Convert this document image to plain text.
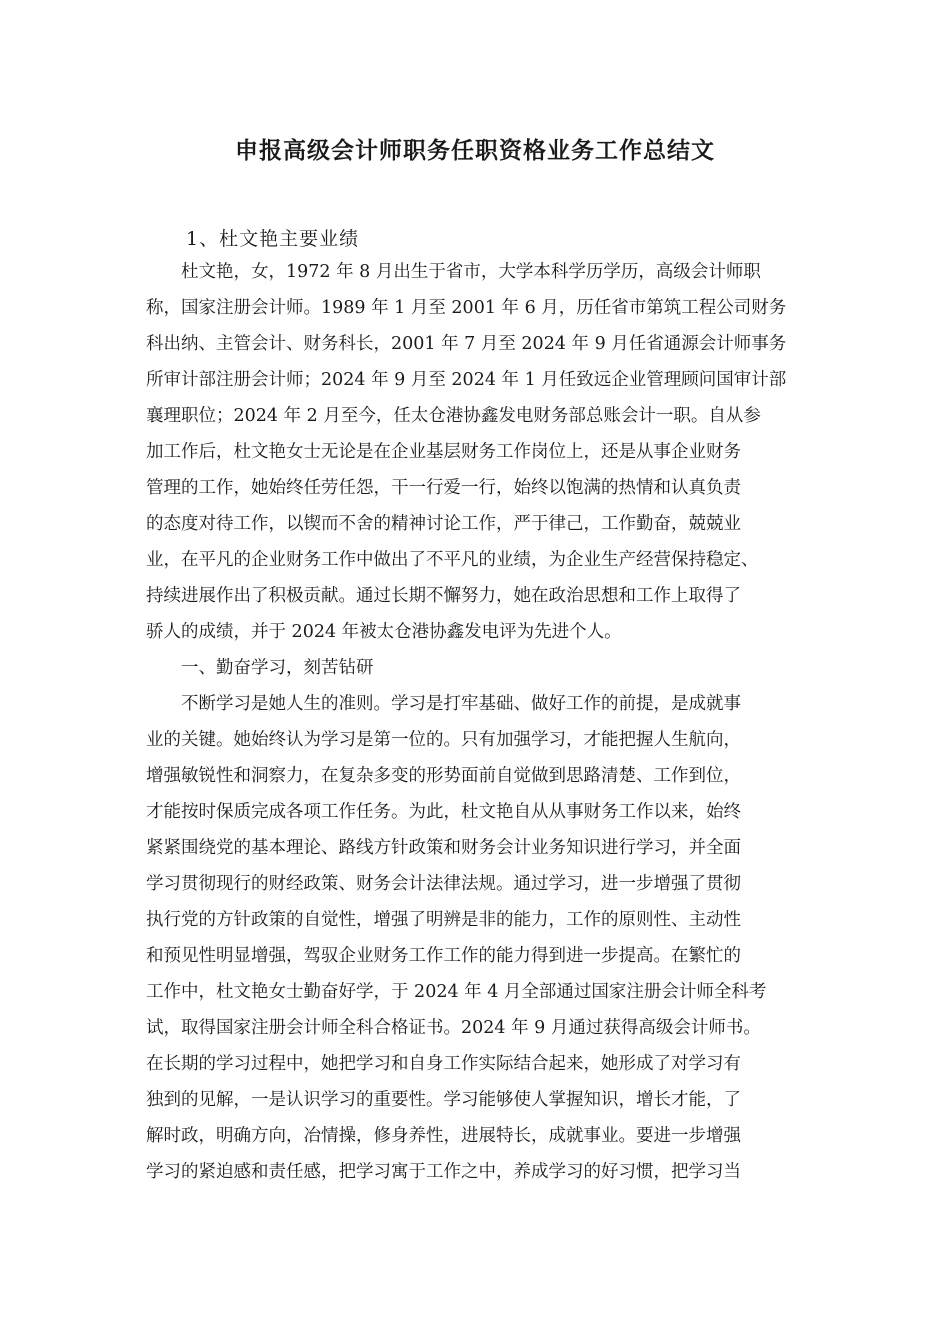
申报高级会计师职务任职资格业务工作总结文
1、杜文艳主要业绩
杜文艳，女，1972 年 8 月出生于省市，大学本科学历学历，高级会计师职
称，国家注册会计师。1989 年 1 月至 2001 年 6 月，历任省市第筑工程公司财务
科出纳、主管会计、财务科长，2001 年 7 月至 2024 年 9 月任省通源会计师事务
所审计部注册会计师；2024 年 9 月至 2024 年 1 月任致远企业管理顾问国审计部
襄理职位；2024 年 2 月至今，任太仓港协鑫发电财务部总账会计一职。自从参
加工作后，杜文艳女士无论是在企业基层财务工作岗位上，还是从事企业财务
管理的工作，她始终任劳任怨，干一行爱一行，始终以饱满的热情和认真负责
的态度对待工作，以锲而不舍的精神讨论工作，严于律己，工作勤奋，兢兢业
业，在平凡的企业财务工作中做出了不平凡的业绩，为企业生产经营保持稳定、
持续进展作出了积极贡献。通过长期不懈努力，她在政治思想和工作上取得了
骄人的成绩，并于 2024 年被太仓港协鑫发电评为先进个人。
一、勤奋学习，刻苦钻研
不断学习是她人生的准则。学习是打牢基础、做好工作的前提，是成就事
业的关键。她始终认为学习是第一位的。只有加强学习，才能把握人生航向，
增强敏锐性和洞察力，在复杂多变的形势面前自觉做到思路清楚、工作到位，
才能按时保质完成各项工作任务。为此，杜文艳自从从事财务工作以来，始终
紧紧围绕党的基本理论、路线方针政策和财务会计业务知识进行学习，并全面
学习贯彻现行的财经政策、财务会计法律法规。通过学习，进一步增强了贯彻
执行党的方针政策的自觉性，增强了明辨是非的能力，工作的原则性、主动性
和预见性明显增强，驾驭企业财务工作工作的能力得到进一步提高。在繁忙的
工作中，杜文艳女士勤奋好学，于 2024 年 4 月全部通过国家注册会计师全科考
试，取得国家注册会计师全科合格证书。2024 年 9 月通过获得高级会计师书。
在长期的学习过程中，她把学习和自身工作实际结合起来，她形成了对学习有
独到的见解，一是认识学习的重要性。学习能够使人掌握知识，增长才能，了
解时政，明确方向，冶情操，修身养性，进展特长，成就事业。要进一步增强
学习的紧迫感和责任感，把学习寓于工作之中，养成学习的好习惯，把学习当
